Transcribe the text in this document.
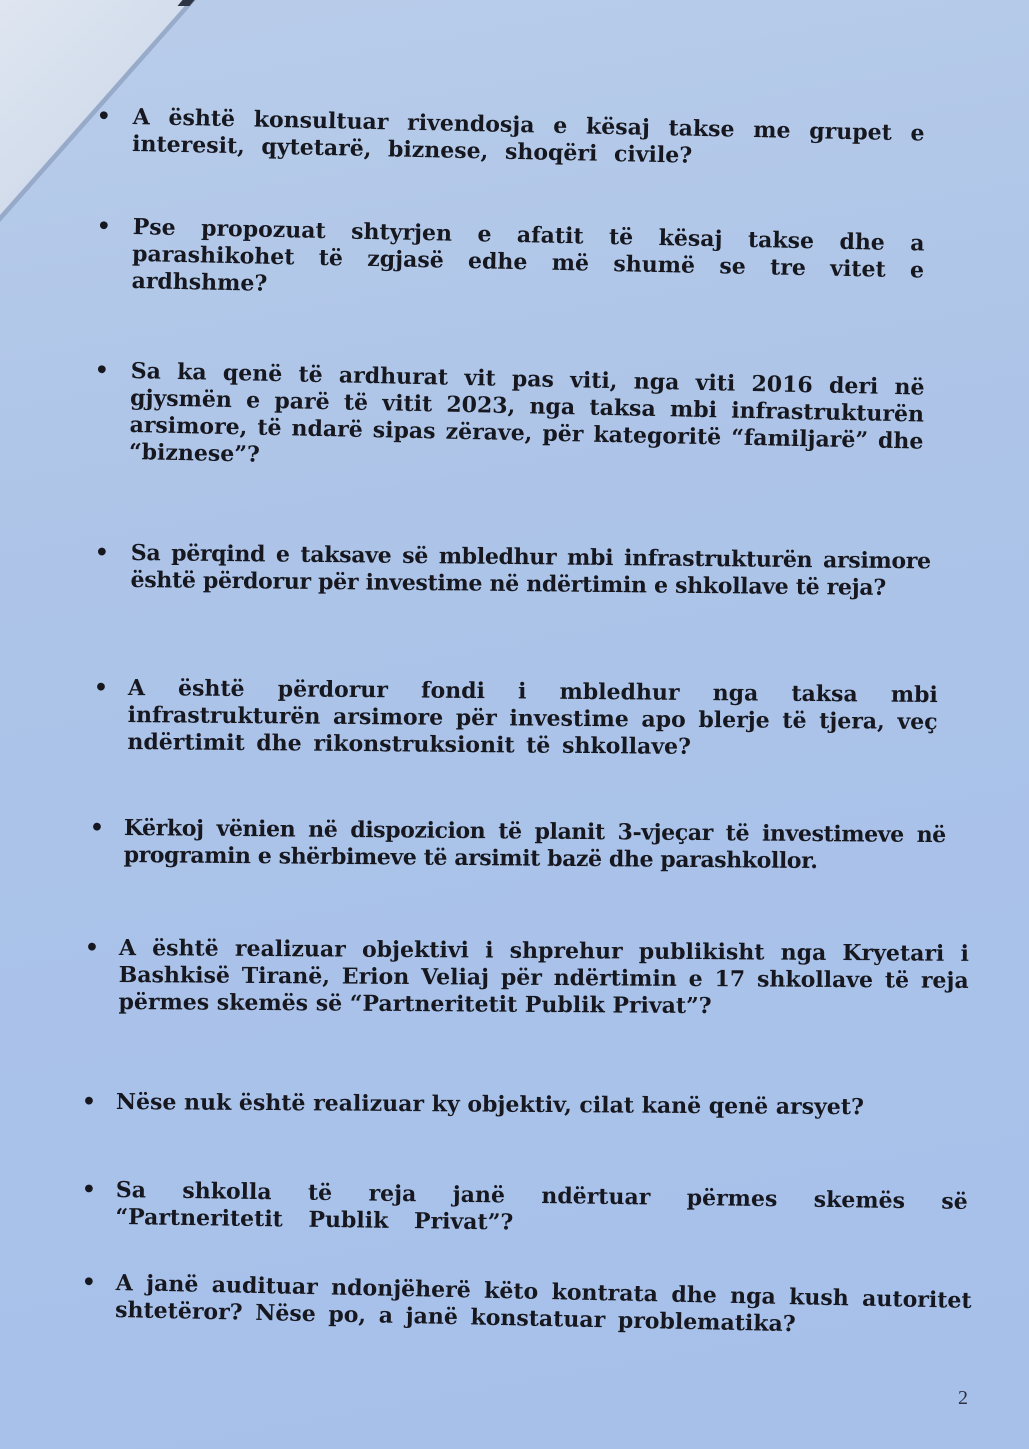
• A është konsultuar rivendosja e kësaj takse me grupet e interesit, qytetarë, biznese, shoqëri civile?
• Pse propozuat shtyrjen e afatit të kësaj takse dhe a parashikohet të zgjasë edhe më shumë se tre vitet e ardhshme?
• Sa ka qenë të ardhurat vit pas viti, nga viti 2016 deri në gjysmën e parë të vitit 2023, nga taksa mbi infrastrukturën arsimore, të ndarë sipas zërave, për kategoritë “familjarë” dhe “biznese”?
• Sa përqind e taksave së mbledhur mbi infrastrukturën arsimore është përdorur për investime në ndërtimin e shkollave të reja?
• A është përdorur fondi i mbledhur nga taksa mbi infrastrukturën arsimore për investime apo blerje të tjera, veç ndërtimit dhe rikonstruksionit të shkollave?
• Kërkoj vënien në dispozicion të planit 3-vjeçar të investimeve në programin e shërbimeve të arsimit bazë dhe parashkollor.
• A është realizuar objektivi i shprehur publikisht nga Kryetari i Bashkisë Tiranë, Erion Veliaj për ndërtimin e 17 shkollave të reja përmes skemës së “Partneritetit Publik Privat”?
• Nëse nuk është realizuar ky objektiv, cilat kanë qenë arsyet?
• Sa shkolla të reja janë ndërtuar përmes skemës së “Partneritetit Publik Privat”?
• A janë audituar ndonjëherë këto kontrata dhe nga kush autoritet shtetëror? Nëse po, a janë konstatuar problematika?
2
